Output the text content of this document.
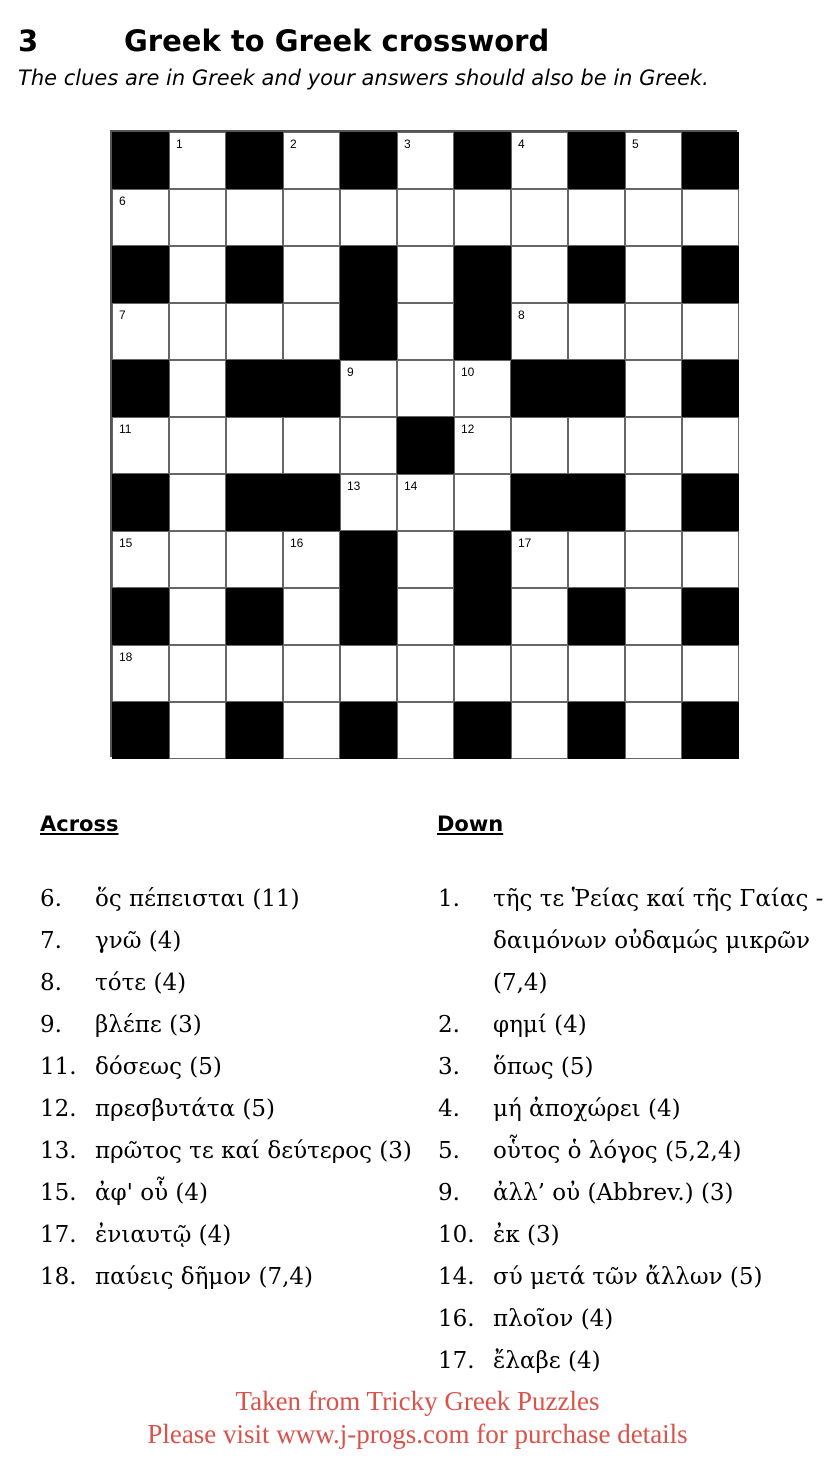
3	Greek to Greek crossword
The clues are in Greek and your answers should also be in Greek.
1	2	3	4	5
6
7	8
9	10
11	12
13	14
15	16	17
18
Across	Down
6. ὅς πέπεισται (11)
7. γνῶ (4)
8. τότε (4)
9. βλέπε (3)
11. δόσεως (5)
12. πρεσβυτάτα (5)
13. πρῶτος τε καί δεύτερος (3)
15. ἀφ' οὗ (4)
17. ἐνιαυτῷ (4)
18. παύεις δῆμον (7,4)
1. τῆς τε Ῥείας καί τῆς Γαίας -
δαιμόνων οὐδαμώς μικρῶν
(7,4)
2. φημί (4)
3. ὅπως (5)
4. μή ἀποχώρει (4)
5. οὗτος ὁ λόγος (5,2,4)
9. ἀλλ’ οὐ (Abbrev.) (3)
10. ἐκ (3)
14. σύ μετά τῶν ἄλλων (5)
16. πλοῖον (4)
17. ἔλαβε (4)
Taken from Tricky Greek Puzzles
Please visit www.j-progs.com for purchase details
